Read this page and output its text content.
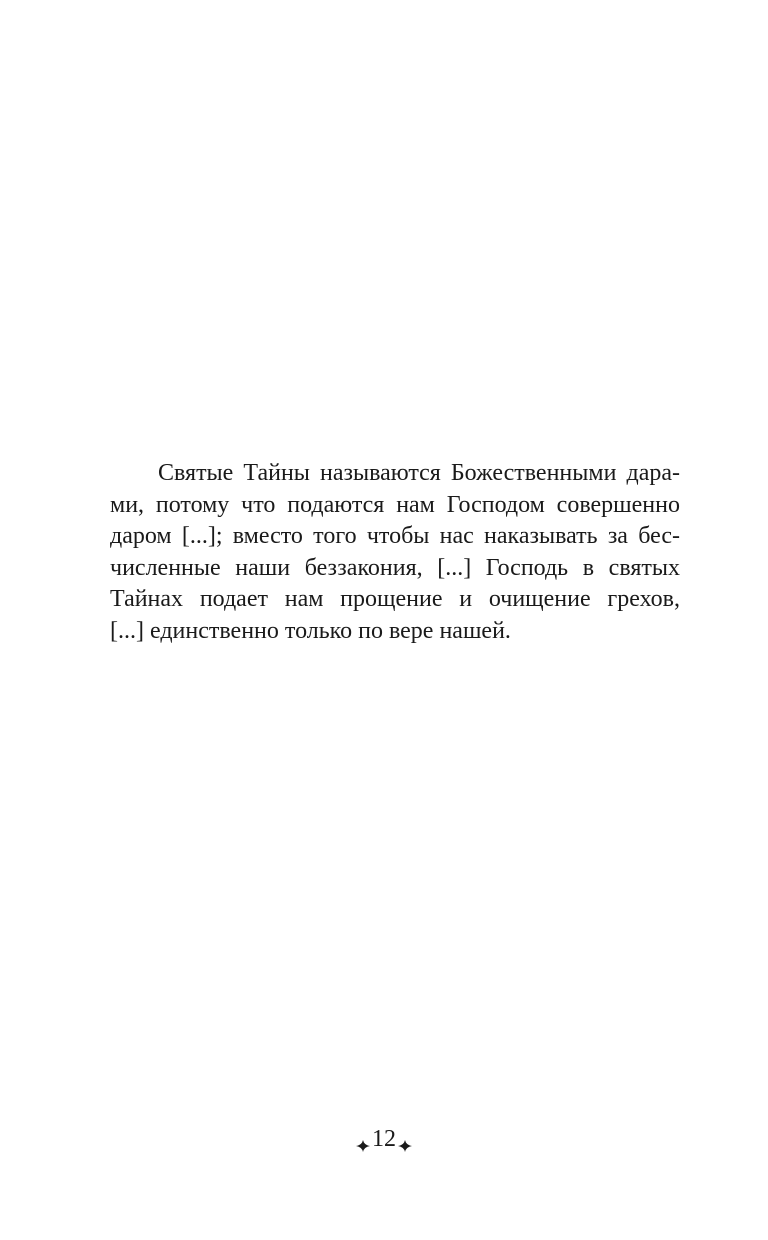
Святые Тайны называются Божественными дара-
ми, потому что подаются нам Господом совершенно
даром [...]; вместо того чтобы нас наказывать за бес-
численные наши беззакония, [...] Господь в святых
Тайнах подает нам прощение и очищение грехов,
[...] единственно только по вере нашей.
12
